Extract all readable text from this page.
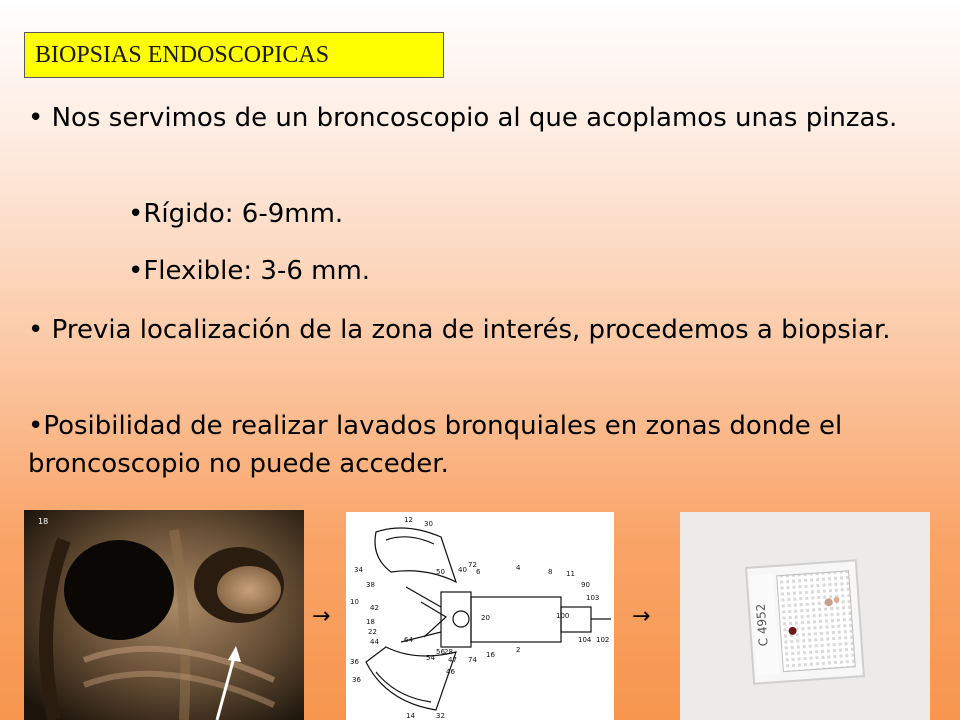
BIOPSIAS ENDOSCOPICAS
• Nos servimos de un broncoscopio al que acoplamos unas pinzas.
•Rígido: 6-9mm.
•Flexible: 3-6 mm.
• Previa localización de la zona de interés, procedemos a biopsiar.
•Posibilidad de realizar lavados bronquiales en zonas donde el broncoscopio no puede acceder.
18
→
12 30
34
10
38
42
18
22
44	64
36
50 40
72
6	4	8 11
90
103
20	100
104 102
28
54
56
47 74
16
2
46
14	32
36
→	C 4952
